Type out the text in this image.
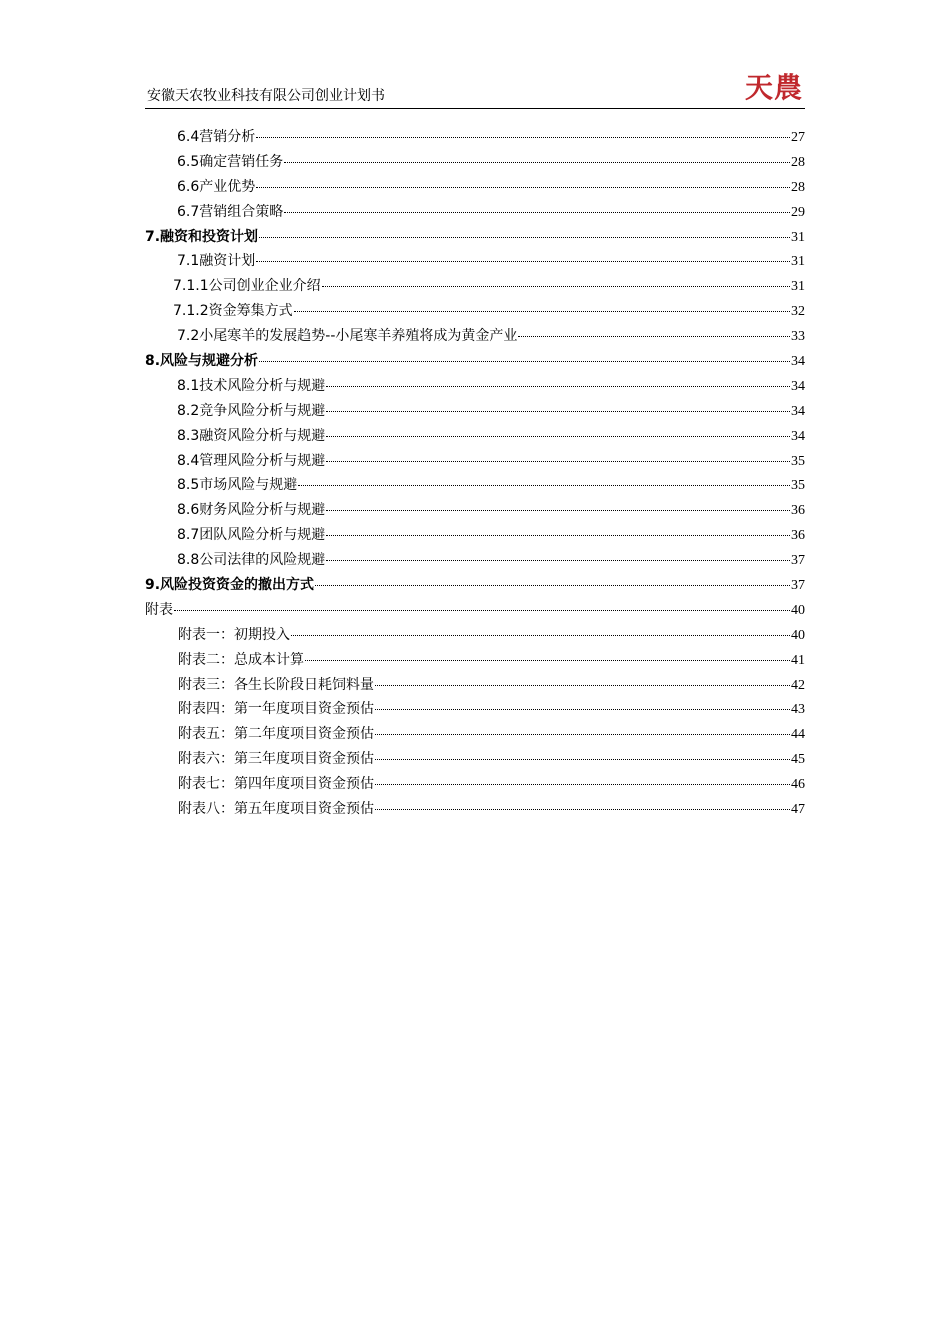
安徽天农牧业科技有限公司创业计划书	天農
6.4营销分析	27
6.5确定营销任务	28
6.6产业优势	28
6.7营销组合策略	29
7.融资和投资计划	31
7.1融资计划	31
7.1.1公司创业企业介绍	31
7.1.2资金筹集方式	32
7.2小尾寒羊的发展趋势--小尾寒羊养殖将成为黄金产业	33
8.风险与规避分析	34
8.1技术风险分析与规避	34
8.2竞争风险分析与规避	34
8.3融资风险分析与规避	34
8.4管理风险分析与规避	35
8.5市场风险与规避	35
8.6财务风险分析与规避	36
8.7团队风险分析与规避	36
8.8公司法律的风险规避	37
9.风险投资资金的撤出方式	37
附表	40
附表一：初期投入	40
附表二：总成本计算	41
附表三：各生长阶段日耗饲料量	42
附表四：第一年度项目资金预估	43
附表五：第二年度项目资金预估	44
附表六：第三年度项目资金预估	45
附表七：第四年度项目资金预估	46
附表八：第五年度项目资金预估	47
